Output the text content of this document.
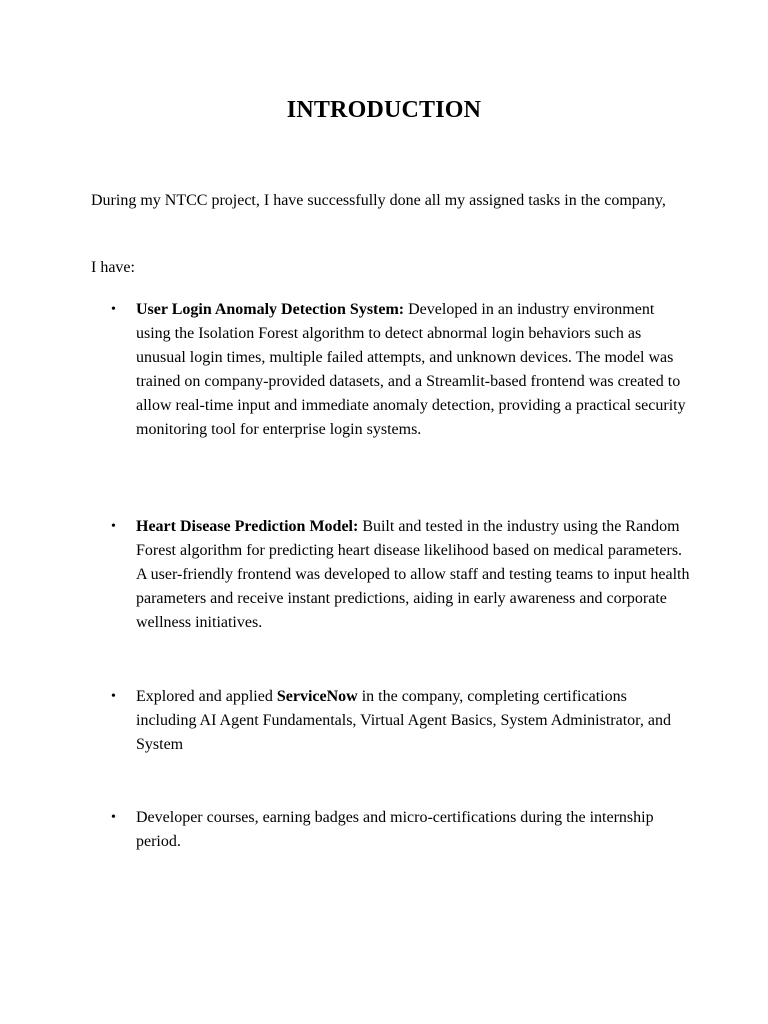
INTRODUCTION

During my NTCC project, I have successfully done all my assigned tasks in the company,

I have:

•	User Login Anomaly Detection System: Developed in an industry environment using the Isolation Forest algorithm to detect abnormal login behaviors such as unusual login times, multiple failed attempts, and unknown devices. The model was trained on company-provided datasets, and a Streamlit-based frontend was created to allow real-time input and immediate anomaly detection, providing a practical security monitoring tool for enterprise login systems.
•	Heart Disease Prediction Model: Built and tested in the industry using the Random Forest algorithm for predicting heart disease likelihood based on medical parameters. A user-friendly frontend was developed to allow staff and testing teams to input health parameters and receive instant predictions, aiding in early awareness and corporate wellness initiatives.
•	Explored and applied ServiceNow in the company, completing certifications including AI Agent Fundamentals, Virtual Agent Basics, System Administrator, and System
•	Developer courses, earning badges and micro-certifications during the internship period.
